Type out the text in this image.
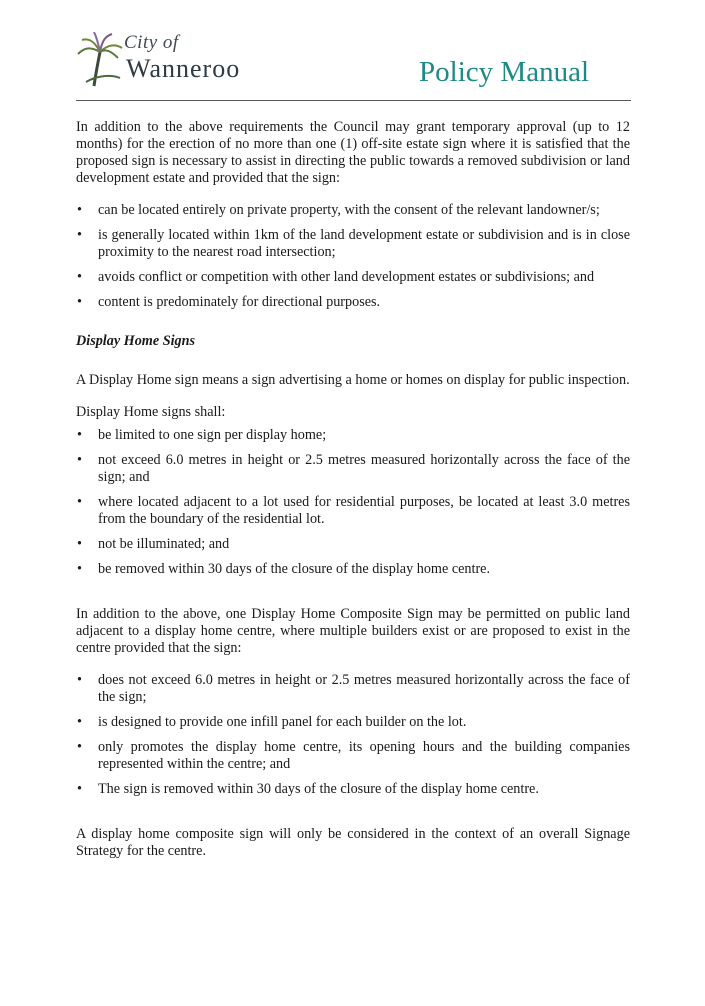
City of
Wanneroo	Policy Manual

In addition to the above requirements the Council may grant temporary approval (up to 12 months) for the erection of no more than one (1) off-site estate sign where it is satisfied that the proposed sign is necessary to assist in directing the public towards a removed subdivision or land development estate and provided that the sign:

• can be located entirely on private property, with the consent of the relevant landowner/s;
• is generally located within 1km of the land development estate or subdivision and is in close proximity to the nearest road intersection;
• avoids conflict or competition with other land development estates or subdivisions; and
• content is predominately for directional purposes.

Display Home Signs

A Display Home sign means a sign advertising a home or homes on display for public inspection.

Display Home signs shall:

• be limited to one sign per display home;
• not exceed 6.0 metres in height or 2.5 metres measured horizontally across the face of the sign; and
• where located adjacent to a lot used for residential purposes, be located at least 3.0 metres from the boundary of the residential lot.
• not be illuminated; and
• be removed within 30 days of the closure of the display home centre.

In addition to the above, one Display Home Composite Sign may be permitted on public land adjacent to a display home centre, where multiple builders exist or are proposed to exist in the centre provided that the sign:

• does not exceed 6.0 metres in height or 2.5 metres measured horizontally across the face of the sign;
• is designed to provide one infill panel for each builder on the lot.
• only promotes the display home centre, its opening hours and the building companies represented within the centre; and
• The sign is removed within 30 days of the closure of the display home centre.

A display home composite sign will only be considered in the context of an overall Signage Strategy for the centre.
